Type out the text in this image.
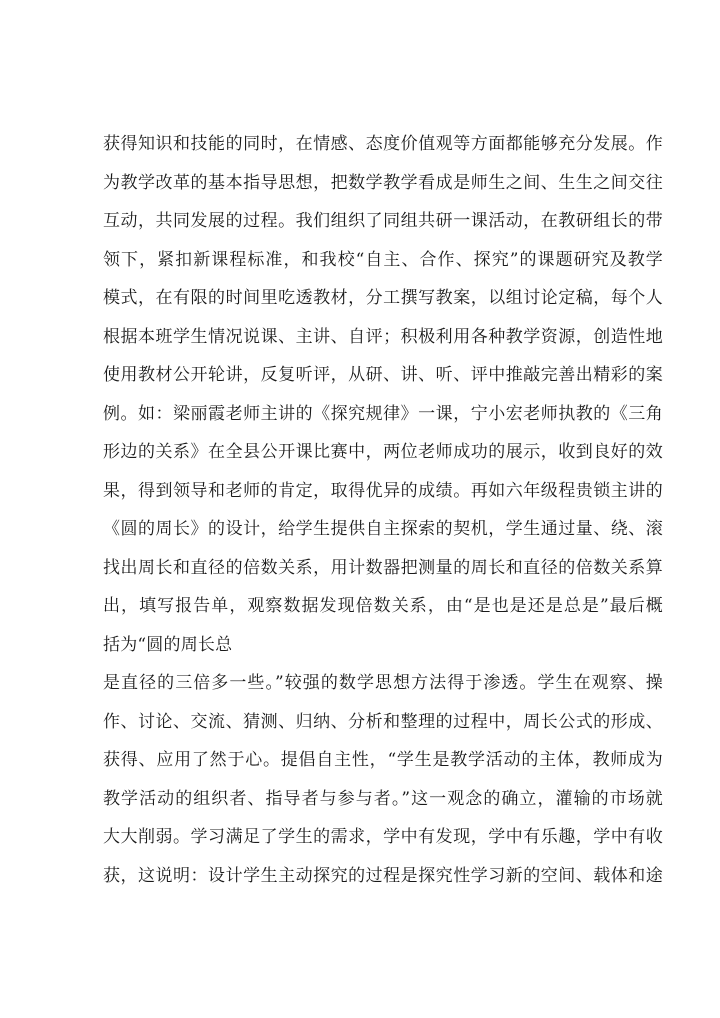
获得知识和技能的同时，在情感、态度价值观等方面都能够充分发展。作
为教学改革的基本指导思想，把数学教学看成是师生之间、生生之间交往
互动，共同发展的过程。我们组织了同组共研一课活动，在教研组长的带
领下，紧扣新课程标准，和我校“自主、合作、探究”的课题研究及教学
模式，在有限的时间里吃透教材，分工撰写教案，以组讨论定稿，每个人
根据本班学生情况说课、主讲、自评；积极利用各种教学资源，创造性地
使用教材公开轮讲，反复听评，从研、讲、听、评中推敲完善出精彩的案
例。如：梁丽霞老师主讲的《探究规律》一课，宁小宏老师执教的《三角
形边的关系》在全县公开课比赛中，两位老师成功的展示，收到良好的效
果，得到领导和老师的肯定，取得优异的成绩。再如六年级程贵锁主讲的
《圆的周长》的设计，给学生提供自主探索的契机，学生通过量、绕、滚
找出周长和直径的倍数关系，用计数器把测量的周长和直径的倍数关系算
出，填写报告单，观察数据发现倍数关系，由“是也是还是总是”最后概
括为“圆的周长总
是直径的三倍多一些。”较强的数学思想方法得于渗透。学生在观察、操
作、讨论、交流、猜测、归纳、分析和整理的过程中，周长公式的形成、
获得、应用了然于心。提倡自主性，“学生是教学活动的主体，教师成为
教学活动的组织者、指导者与参与者。”这一观念的确立，灌输的市场就
大大削弱。学习满足了学生的需求，学中有发现，学中有乐趣，学中有收
获，这说明：设计学生主动探究的过程是探究性学习新的空间、载体和途
